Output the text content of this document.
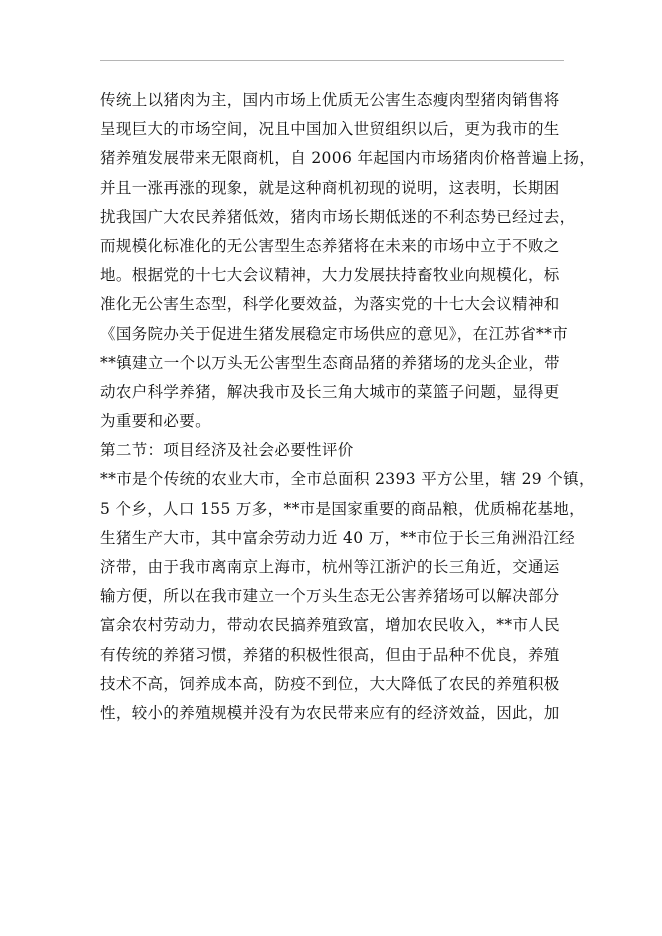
传统上以猪肉为主，国内市场上优质无公害生态瘦肉型猪肉销售将
呈现巨大的市场空间，况且中国加入世贸组织以后，更为我市的生
猪养殖发展带来无限商机，自 2006 年起国内市场猪肉价格普遍上扬，
并且一涨再涨的现象，就是这种商机初现的说明，这表明，长期困
扰我国广大农民养猪低效，猪肉市场长期低迷的不利态势已经过去，
而规模化标准化的无公害型生态养猪将在未来的市场中立于不败之
地。根据党的十七大会议精神，大力发展扶持畜牧业向规模化，标
准化无公害生态型，科学化要效益，为落实党的十七大会议精神和
《国务院办关于促进生猪发展稳定市场供应的意见》，在江苏省**市
**镇建立一个以万头无公害型生态商品猪的养猪场的龙头企业，带
动农户科学养猪，解决我市及长三角大城市的菜篮子问题，显得更
为重要和必要。
第二节：项目经济及社会必要性评价
**市是个传统的农业大市，全市总面积 2393 平方公里，辖 29 个镇，
5 个乡，人口 155 万多，**市是国家重要的商品粮，优质棉花基地，
生猪生产大市，其中富余劳动力近 40 万，**市位于长三角洲沿江经
济带，由于我市离南京上海市，杭州等江浙沪的长三角近，交通运
输方便，所以在我市建立一个万头生态无公害养猪场可以解决部分
富余农村劳动力，带动农民搞养殖致富，增加农民收入，**市人民
有传统的养猪习惯，养猪的积极性很高，但由于品种不优良，养殖
技术不高，饲养成本高，防疫不到位，大大降低了农民的养殖积极
性，较小的养殖规模并没有为农民带来应有的经济效益，因此，加
